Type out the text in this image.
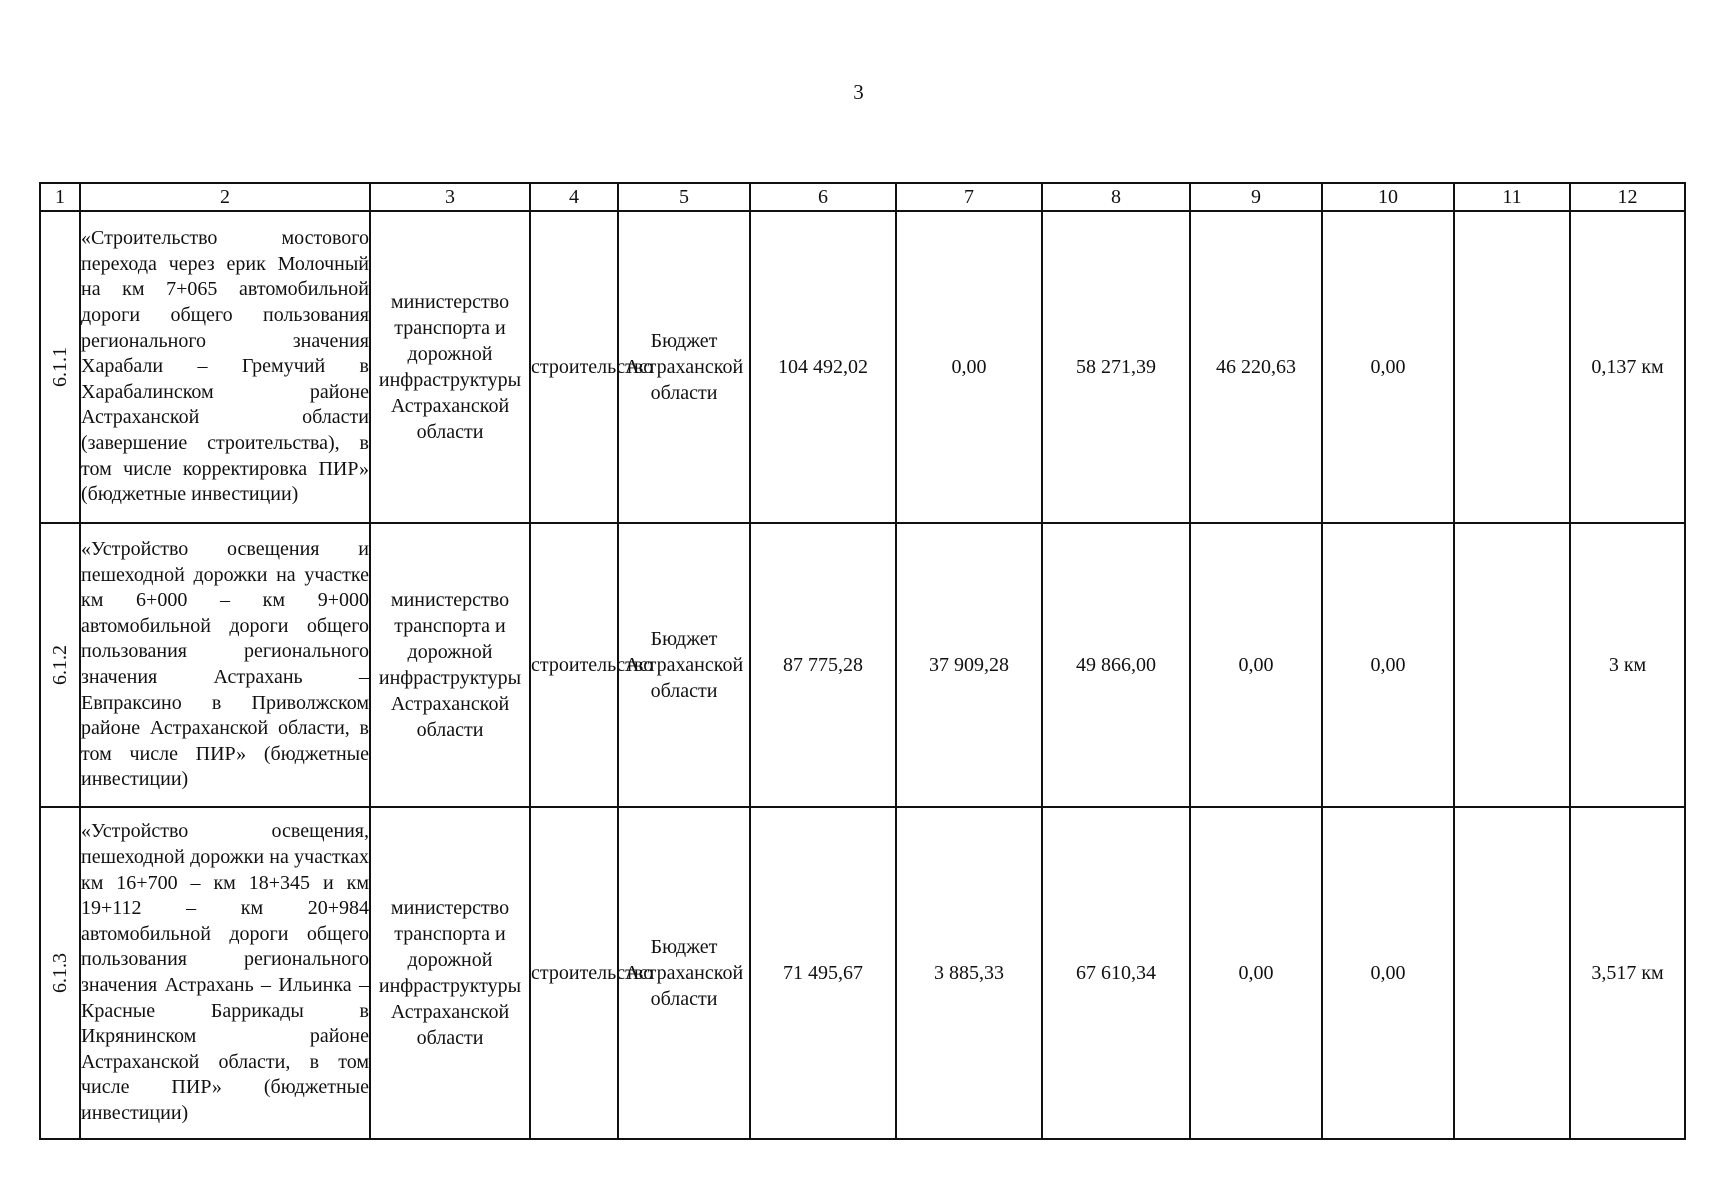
3
1	2	3	4	5	6	7	8	9	10	11	12

6.1.1	«Строительство мостового перехода через ерик Молочный на км 7+065 автомобильной дороги общего пользования регионального значения Харабали – Гремучий в Харабалинском районе Астраханской области (завершение строительства), в том числе корректировка ПИР» (бюджетные инвестиции)	министерство транспорта и дорожной инфраструктуры Астраханской области	строительство	Бюджет Астраханской области	104 492,02	0,00	58 271,39	46 220,63	0,00		0,137 км

6.1.2	«Устройство освещения и пешеходной дорожки на участке км 6+000 – км 9+000 автомобильной дороги общего пользования регионального значения Астрахань – Евпраксино в Приволжском районе Астраханской области, в том числе ПИР» (бюджетные инвестиции)	министерство транспорта и дорожной инфраструктуры Астраханской области	строительство	Бюджет Астраханской области	87 775,28	37 909,28	49 866,00	0,00	0,00		3 км

6.1.3	«Устройство освещения, пешеходной дорожки на участках км 16+700 – км 18+345 и км 19+112 – км 20+984 автомобильной дороги общего пользования регионального значения Астрахань – Ильинка – Красные Баррикады в Икрянинском районе Астраханской области, в том числе ПИР» (бюджетные инвестиции)	министерство транспорта и дорожной инфраструктуры Астраханской области	строительство	Бюджет Астраханской области	71 495,67	3 885,33	67 610,34	0,00	0,00		3,517 км
